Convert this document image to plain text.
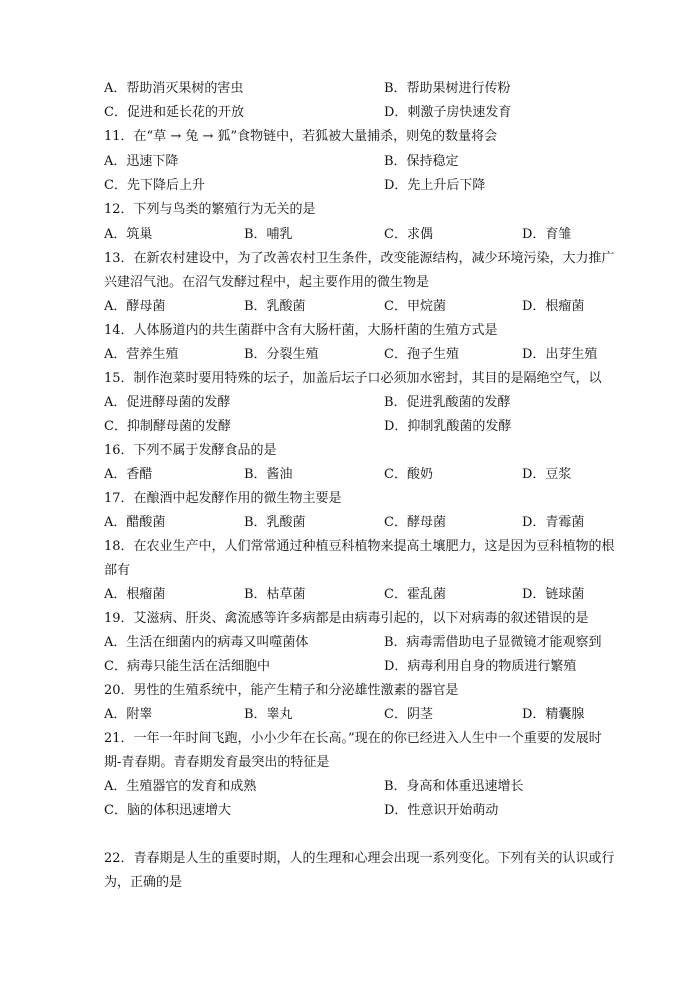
A．帮助消灭果树的害虫	B．帮助果树进行传粉
C．促进和延长花的开放	D．刺激子房快速发育
11．在“草 → 兔 → 狐”食物链中，若狐被大量捕杀，则兔的数量将会
A．迅速下降	B．保持稳定
C．先下降后上升	D．先上升后下降
12．下列与鸟类的繁殖行为无关的是
A．筑巢	B．哺乳	C．求偶	D．育雏
13．在新农村建设中，为了改善农村卫生条件，改变能源结构，减少环境污染，大力推广
兴建沼气池。在沼气发酵过程中，起主要作用的微生物是
A．酵母菌	B．乳酸菌	C．甲烷菌	D．根瘤菌
14．人体肠道内的共生菌群中含有大肠杆菌，大肠杆菌的生殖方式是
A．营养生殖	B．分裂生殖	C．孢子生殖	D．出芽生殖
15．制作泡菜时要用特殊的坛子，加盖后坛子口必须加水密封，其目的是隔绝空气，以
A．促进酵母菌的发酵	B．促进乳酸菌的发酵
C．抑制酵母菌的发酵	D．抑制乳酸菌的发酵
16．下列不属于发酵食品的是
A．香醋	B．酱油	C．酸奶	D．豆浆
17．在酿酒中起发酵作用的微生物主要是
A．醋酸菌	B．乳酸菌	C．酵母菌	D．青霉菌
18．在农业生产中，人们常常通过种植豆科植物来提高土壤肥力，这是因为豆科植物的根
部有
A．根瘤菌	B．枯草菌	C．霍乱菌	D．链球菌
19．艾滋病、肝炎、禽流感等许多病都是由病毒引起的，以下对病毒的叙述错误的是
A．生活在细菌内的病毒又叫噬菌体	B．病毒需借助电子显微镜才能观察到
C．病毒只能生活在活细胞中	D．病毒利用自身的物质进行繁殖
20．男性的生殖系统中，能产生精子和分泌雄性激素的器官是
A．附睾	B．睾丸	C．阴茎	D．精囊腺
21．一年一年时间飞跑，小小少年在长高。”现在的你已经进入人生中一个重要的发展时
期-青春期。青春期发育最突出的特征是
A．生殖器官的发育和成熟	B．身高和体重迅速增长
C．脑的体积迅速增大	D．性意识开始萌动
22．青春期是人生的重要时期，人的生理和心理会出现一系列变化。下列有关的认识或行
为，正确的是
